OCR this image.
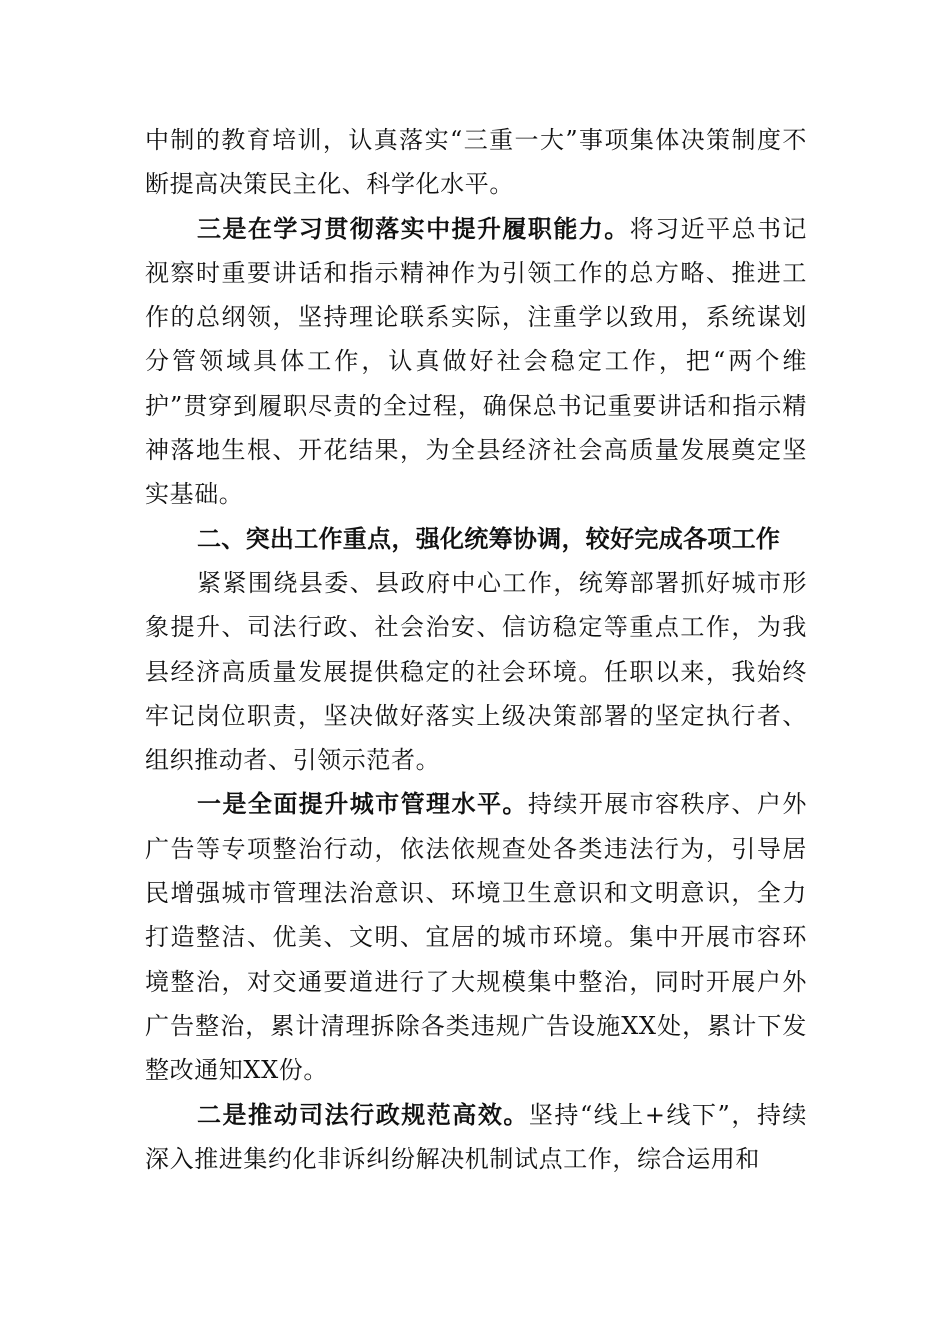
中制的教育培训，认真落实“三重一大”事项集体决策制度不断提高决策民主化、科学化水平。

三是在学习贯彻落实中提升履职能力。将习近平总书记视察时重要讲话和指示精神作为引领工作的总方略、推进工作的总纲领，坚持理论联系实际，注重学以致用，系统谋划分管领域具体工作，认真做好社会稳定工作，把“两个维护”贯穿到履职尽责的全过程，确保总书记重要讲话和指示精神落地生根、开花结果，为全县经济社会高质量发展奠定坚实基础。

二、突出工作重点，强化统筹协调，较好完成各项工作

紧紧围绕县委、县政府中心工作，统筹部署抓好城市形象提升、司法行政、社会治安、信访稳定等重点工作，为我县经济高质量发展提供稳定的社会环境。任职以来，我始终牢记岗位职责，坚决做好落实上级决策部署的坚定执行者、组织推动者、引领示范者。

一是全面提升城市管理水平。持续开展市容秩序、户外广告等专项整治行动，依法依规查处各类违法行为，引导居民增强城市管理法治意识、环境卫生意识和文明意识，全力打造整洁、优美、文明、宜居的城市环境。集中开展市容环境整治，对交通要道进行了大规模集中整治，同时开展户外广告整治，累计清理拆除各类违规广告设施XX处，累计下发整改通知XX份。

二是推动司法行政规范高效。坚持“线上+线下”，持续深入推进集约化非诉纠纷解决机制试点工作，综合运用和
